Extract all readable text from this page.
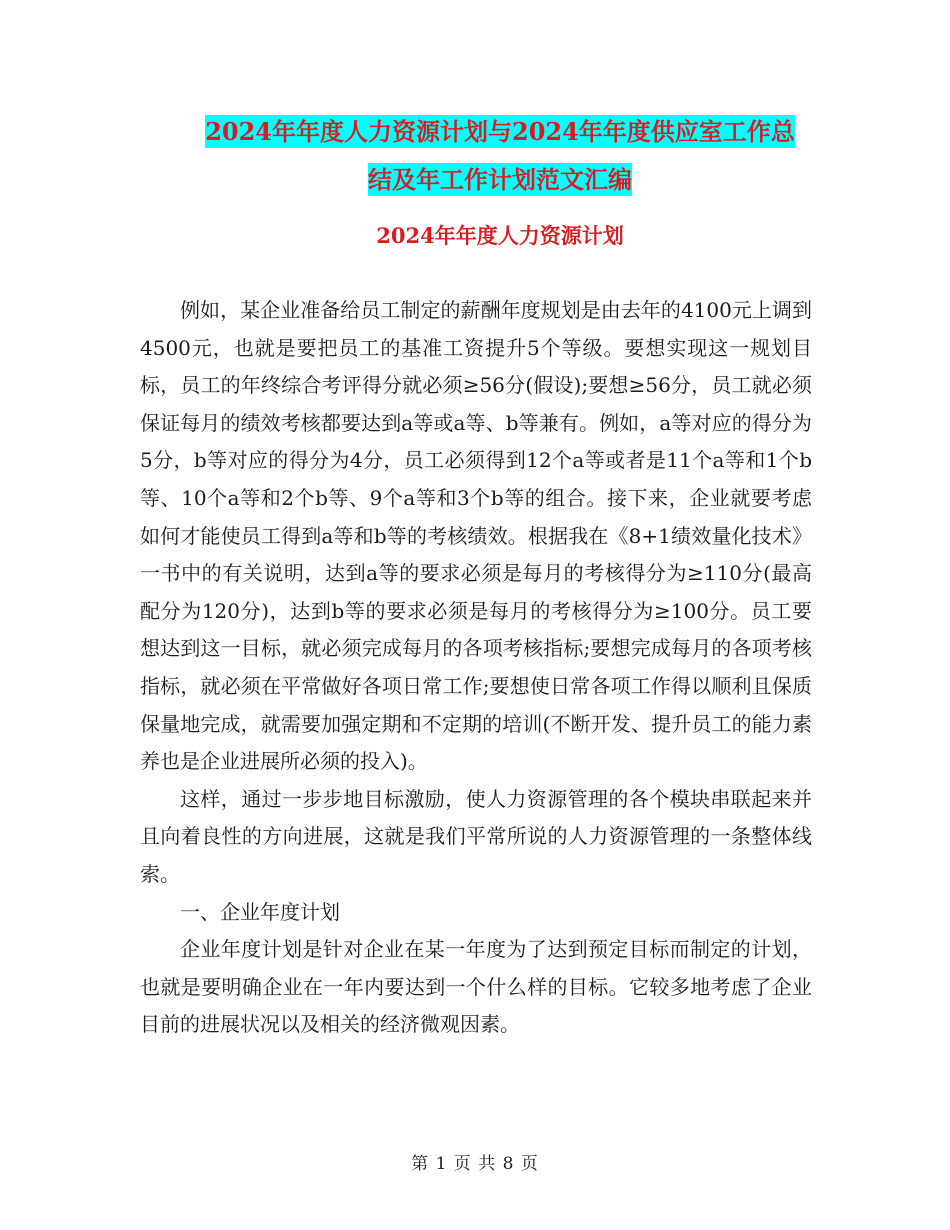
2024年年度人力资源计划与2024年年度供应室工作总
结及年工作计划范文汇编
2024年年度人力资源计划

例如，某企业准备给员工制定的薪酬年度规划是由去年的4100元上调到4500元，也就是要把员工的基准工资提升5个等级。要想实现这一规划目标，员工的年终综合考评得分就必须≥56分(假设);要想≥56分，员工就必须保证每月的绩效考核都要达到a等或a等、b等兼有。例如，a等对应的得分为5分，b等对应的得分为4分，员工必须得到12个a等或者是11个a等和1个b等、10个a等和2个b等、9个a等和3个b等的组合。接下来，企业就要考虑如何才能使员工得到a等和b等的考核绩效。根据我在《8+1绩效量化技术》一书中的有关说明，达到a等的要求必须是每月的考核得分为≥110分(最高配分为120分)，达到b等的要求必须是每月的考核得分为≥100分。员工要想达到这一目标，就必须完成每月的各项考核指标;要想完成每月的各项考核指标，就必须在平常做好各项日常工作;要想使日常各项工作得以顺利且保质保量地完成，就需要加强定期和不定期的培训(不断开发、提升员工的能力素养也是企业进展所必须的投入)。

这样，通过一步步地目标激励，使人力资源管理的各个模块串联起来并且向着良性的方向进展，这就是我们平常所说的人力资源管理的一条整体线索。

一、企业年度计划

企业年度计划是针对企业在某一年度为了达到预定目标而制定的计划，也就是要明确企业在一年内要达到一个什么样的目标。它较多地考虑了企业目前的进展状况以及相关的经济微观因素。

第 1 页 共 8 页
